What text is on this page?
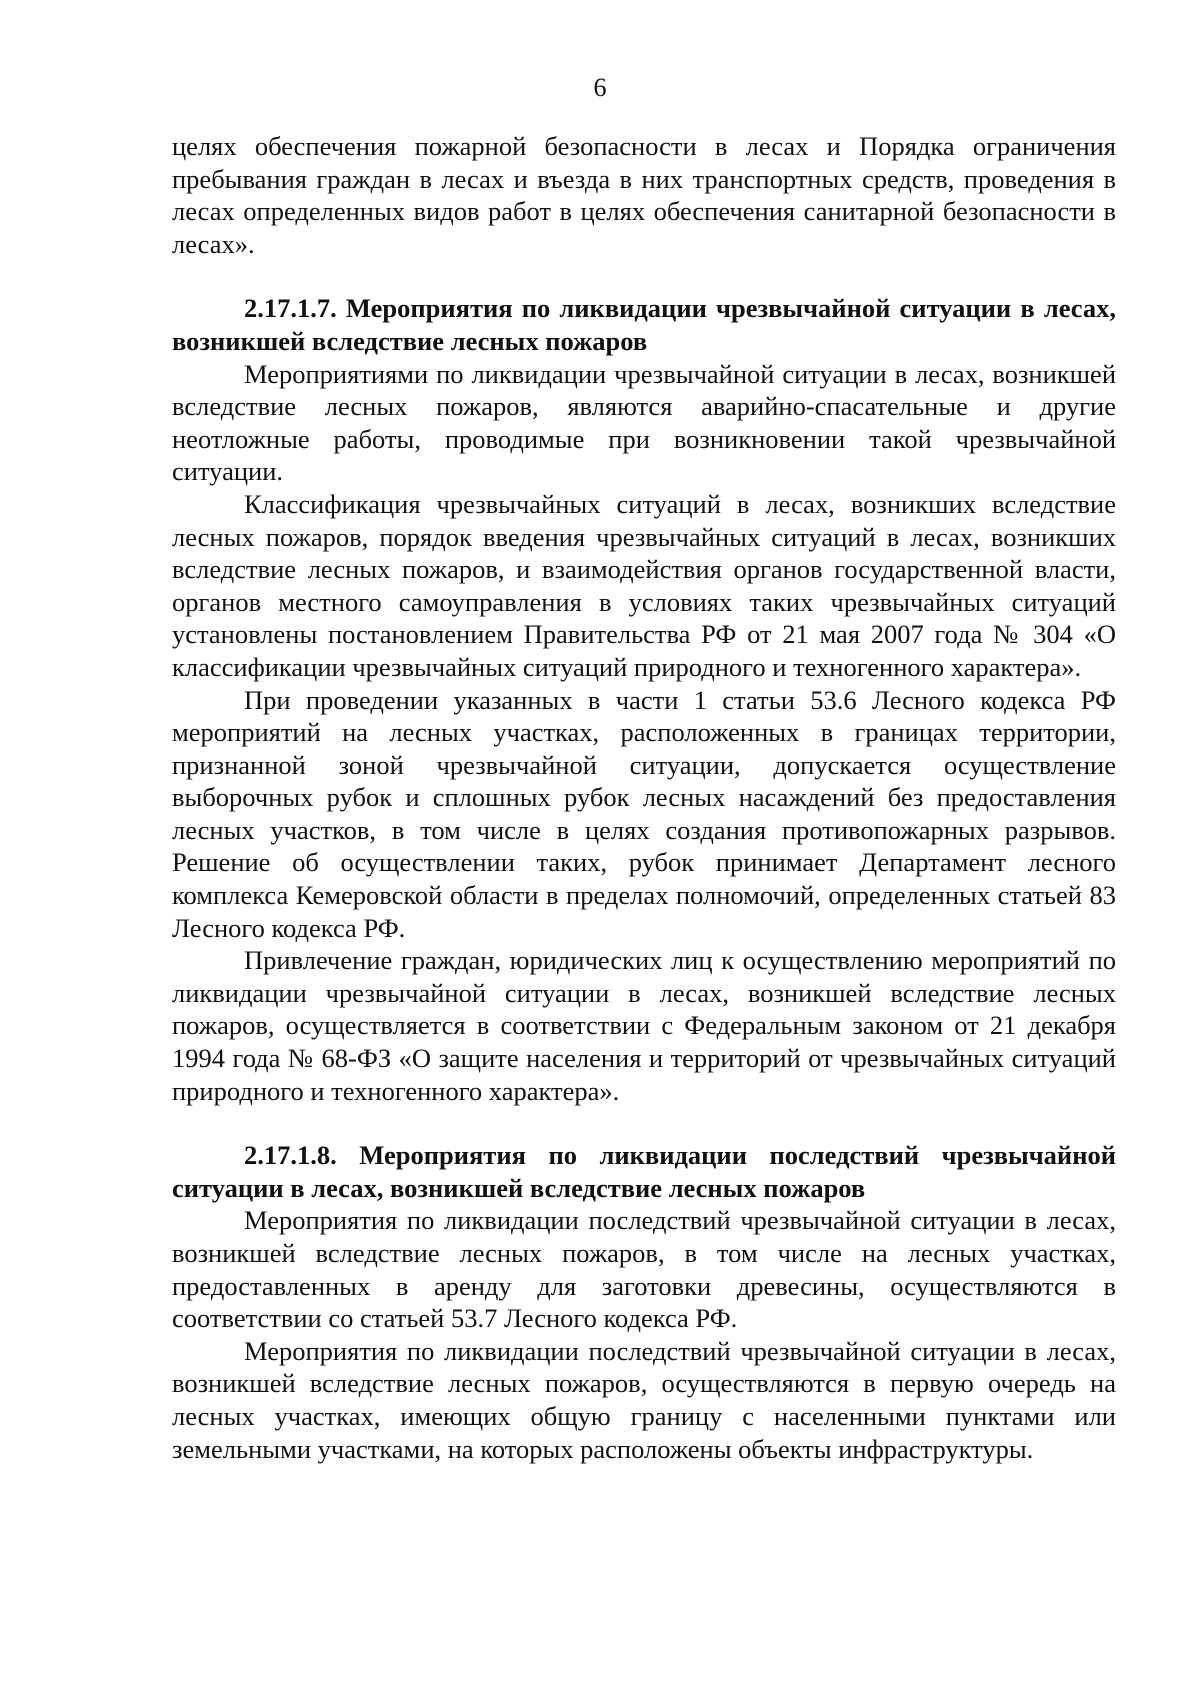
6

целях обеспечения пожарной безопасности в лесах и Порядка ограничения пребывания граждан в лесах и въезда в них транспортных средств, проведения в лесах определенных видов работ в целях обеспечения санитарной безопасности в лесах».

2.17.1.7. Мероприятия по ликвидации чрезвычайной ситуации в лесах, возникшей вследствие лесных пожаров

Мероприятиями по ликвидации чрезвычайной ситуации в лесах, возникшей вследствие лесных пожаров, являются аварийно-спасательные и другие неотложные работы, проводимые при возникновении такой чрезвычайной ситуации.

Классификация чрезвычайных ситуаций в лесах, возникших вследствие лесных пожаров, порядок введения чрезвычайных ситуаций в лесах, возникших вследствие лесных пожаров, и взаимодействия органов государственной власти, органов местного самоуправления в условиях таких чрезвычайных ситуаций установлены постановлением Правительства РФ от 21 мая 2007 года № 304 «О классификации чрезвычайных ситуаций природного и техногенного характера».

При проведении указанных в части 1 статьи 53.6 Лесного кодекса РФ мероприятий на лесных участках, расположенных в границах территории, признанной зоной чрезвычайной ситуации, допускается осуществление выборочных рубок и сплошных рубок лесных насаждений без предоставления лесных участков, в том числе в целях создания противопожарных разрывов. Решение об осуществлении таких, рубок принимает Департамент лесного комплекса Кемеровской области в пределах полномочий, определенных статьей 83 Лесного кодекса РФ.

Привлечение граждан, юридических лиц к осуществлению мероприятий по ликвидации чрезвычайной ситуации в лесах, возникшей вследствие лесных пожаров, осуществляется в соответствии с Федеральным законом от 21 декабря 1994 года № 68-ФЗ «О защите населения и территорий от чрезвычайных ситуаций природного и техногенного характера».

2.17.1.8. Мероприятия по ликвидации последствий чрезвычайной ситуации в лесах, возникшей вследствие лесных пожаров

Мероприятия по ликвидации последствий чрезвычайной ситуации в лесах, возникшей вследствие лесных пожаров, в том числе на лесных участках, предоставленных в аренду для заготовки древесины, осуществляются в соответствии со статьей 53.7 Лесного кодекса РФ.

Мероприятия по ликвидации последствий чрезвычайной ситуации в лесах, возникшей вследствие лесных пожаров, осуществляются в первую очередь на лесных участках, имеющих общую границу с населенными пунктами или земельными участками, на которых расположены объекты инфраструктуры.
